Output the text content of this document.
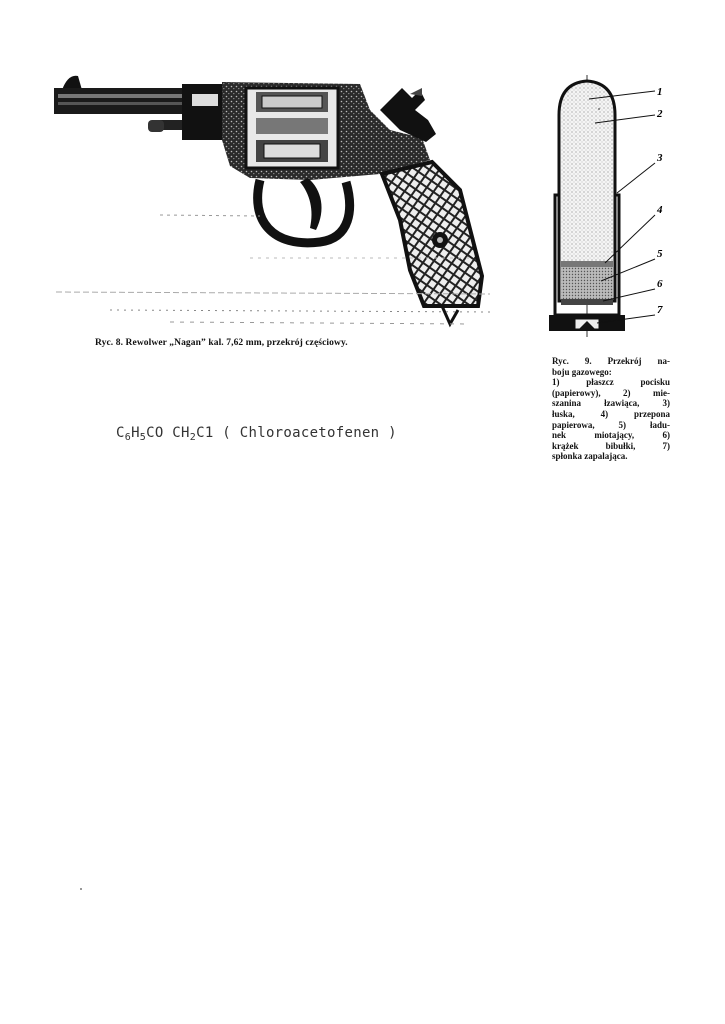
Ryc. 8. Rewolwer „Nagan” kal. 7,62 mm, przekrój częściowy.
1
2
3
4
5
6
7
Ryc. 9. Przekrój na-
boju gazowego:
1) płaszcz pocisku
(papierowy), 2) mie-
szanina łzawiąca, 3)
łuska, 4) przepona
papierowa, 5) ładu-
nek miotający, 6)
krążek bibułki, 7)
spłonka zapalająca.
$C_6H_5CO$ $CH_2C1$ ( Chloroacetofenen )
